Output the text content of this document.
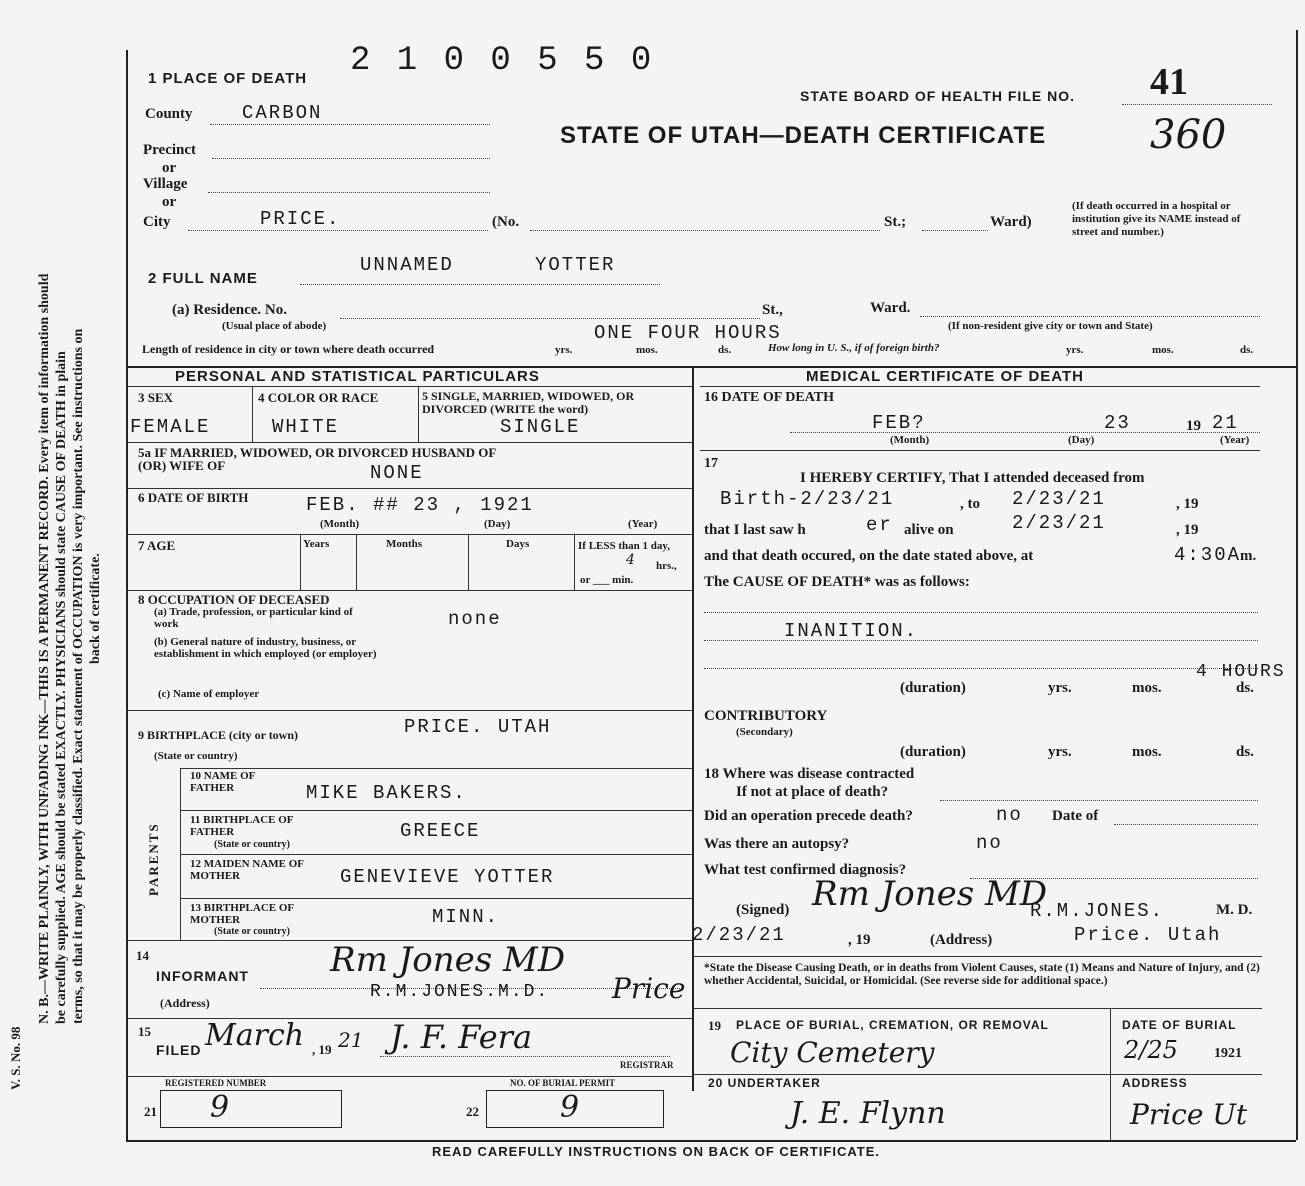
N. B.—WRITE PLAINLY, WITH UNFADING INK—THIS IS A PERMANENT RECORD. Every item of information should be carefully supplied. AGE should be stated EXACTLY. PHYSICIANS should state CAUSE OF DEATH in plain terms, so that it may be properly classified. Exact statement of OCCUPATION is very important. See instructions on back of certificate.
V. S. No. 98
2 1 0 0 5 5 0
1 PLACE OF DEATH
STATE BOARD OF HEALTH FILE NO. 41
STATE OF UTAH—DEATH CERTIFICATE	360
County	CARBON
Precinct
or
Village
or
City	PRICE.	(No.	St.;	Ward)
(If death occurred in a hospital or institution give its NAME instead of street and number.)
2 FULL NAME
UNNAMED	YOTTER
(a) Residence. No.	St.,	Ward.
(Usual place of abode)	(If non-resident give city or town and State)
Length of residence in city or town where death occurred	yrs.	mos.	ds.
ONE FOUR HOURS
How long in U. S., if of foreign birth?	yrs.	mos.	ds.
PERSONAL AND STATISTICAL PARTICULARS	MEDICAL CERTIFICATE OF DEATH
3 SEX
FEMALE
4 COLOR OR RACE
WHITE
5 SINGLE, MARRIED, WIDOWED, OR DIVORCED (WRITE the word)
SINGLE
5a IF MARRIED, WIDOWED, OR DIVORCED HUSBAND OF (OR) WIFE OF	NONE
6 DATE OF BIRTH	FEB. ## 23 , 1921
(Month)	(Day)	(Year)
7 AGE	Years	Months	Days	If LESS than 1 day,
4 hrs.,
or ___ min.
8 OCCUPATION OF DECEASED
(a) Trade, profession, or particular kind of work	none
(b) General nature of industry, business, or establishment in which employed (or employer)
(c) Name of employer
9 BIRTHPLACE (city or town)
(State or country)
PRICE. UTAH
PARENTS
10 NAME OF FATHER	MIKE BAKERS.
11 BIRTHPLACE OF FATHER
(State or country)
GREECE
12 MAIDEN NAME OF MOTHER	GENEVIEVE YOTTER
13 BIRTHPLACE OF MOTHER
(State or country)
MINN.
14
INFORMANT Rm Jones MD
(Address)
R.M.JONES.M.D. Price
15
FILED March , 19 21 J. F. Fera
REGISTRAR
REGISTERED NUMBER
21 9
NO. OF BURIAL PERMIT
22	9
READ CAREFULLY INSTRUCTIONS ON BACK OF CERTIFICATE.
16 DATE OF DEATH
FEB?	23	19 21
(Month)	(Day)	(Year)
17
I HEREBY CERTIFY, That I attended deceased from
Birth-2/23/21	, to 2/23/21	, 19
that I last saw h	er alive on	2/23/21	, 19
and that death occured, on the date stated above, at	4:30A
m.
The CAUSE OF DEATH* was as follows:
INANITION.
4 HOURS
(duration)	yrs.	mos.	ds.
CONTRIBUTORY
(Secondary)
(duration)	yrs.	mos.	ds.
18 Where was disease contracted
If not at place of death?
Did an operation precede death?	no Date of
Was there an autopsy?	no
What test confirmed diagnosis?
(Signed) Rm Jones MD
R.M.JONES.	M. D.
2/23/21	, 19	(Address)	Price. Utah
*State the Disease Causing Death, or in deaths from Violent Causes, state (1) Means and Nature of Injury, and (2) whether Accidental, Suicidal, or Homicidal. (See reverse side for additional space.)
19 PLACE OF BURIAL, CREMATION, OR REMOVAL
City Cemetery
DATE OF BURIAL
2/25	1921
20 UNDERTAKER
J. E. Flynn
ADDRESS
Price Ut
